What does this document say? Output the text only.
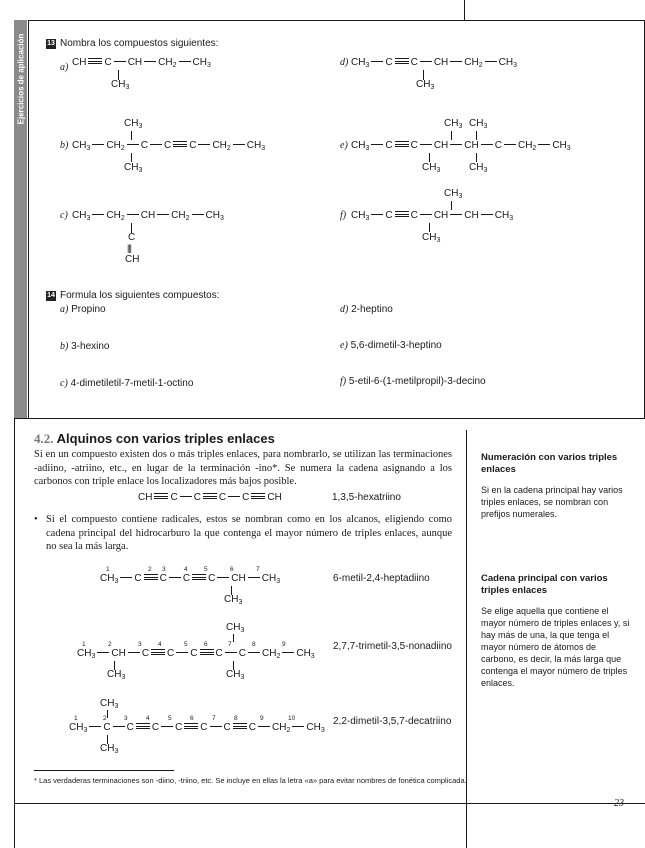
Ejercicios de aplicación	13 Nombra los compuestos siguientes:
a) CH C CH $CH_2$ $CH_3$
$CH_3$
d) $CH_3$ C C CH $CH_2$ $CH_3$
$CH_3$
$CH_3$
b) $CH_3$ $CH_2$ C C C $CH_2$ $CH_3$
$CH_3$
$CH_3$ $CH_3$
e) $CH_3$ C C CH CH C $CH_2$ $CH_3$
$CH_3$	$CH_3$
$CH_3$
f) $CH_3$ C C CH CH $CH_3$
$CH_3$
c) $CH_3$ $CH_2$ CH $CH_2$ $CH_3$
C
|||
CH
14 Formula los siguientes compuestos:
a) Propino	d) 2-heptino
b) 3-hexino	e) 5,6-dimetil-3-heptino
c) 4-dimetiletil-7-metil-1-octino	f) 5-etil-6-(1-metilpropil)-3-decino
4.2. Alquinos con varios triples enlaces
Si en un compuesto existen dos o más triples enlaces, para nombrarlo, se utilizan las terminaciones -adiino, -atriino, etc., en lugar de la terminación -ino*. Se numera la cadena asignando a los carbonos con triple enlace los localizadores más bajos posible.
CH C C C C CH	1,3,5-hexatriino
• Si el compuesto contiene radicales, estos se nombran como en los alcanos, eligiendo como cadena principal del hidrocarburo la que contenga el mayor número de triples enlaces, aunque no sea la más larga.
1	2 3	4	5	6	7
$CH_3$ C C C C CH $CH_3$
$CH_3$
6-metil-2,4-heptadiino
$CH_3$
1	2	3	4	5	6	7	8	9
$CH_3$ CH C C C C C $CH_2$ $CH_3$
$CH_3$	$CH_3$
2,7,7-trimetil-3,5-nonadiino
$CH_3$
1	2	3	4	5	6	7	8	9	10
$CH_3$ C C C C C C C $CH_2$ $CH_3$
$CH_3$
2,2-dimetil-3,5,7-decatriino
Numeración con varios triples enlaces
Si en la cadena principal hay varios triples enlaces, se nombran con prefijos numerales.
Cadena principal con varios triples enlaces
Se elige aquella que contiene el mayor número de triples enlaces y, si hay más de una, la que tenga el mayor número de átomos de carbono, es decir, la más larga que contenga el mayor número de triples enlaces.
* Las verdaderas terminaciones son -diino, -triino, etc. Se incluye en ellas la letra «a» para evitar nombres de fonética complicada.
23
